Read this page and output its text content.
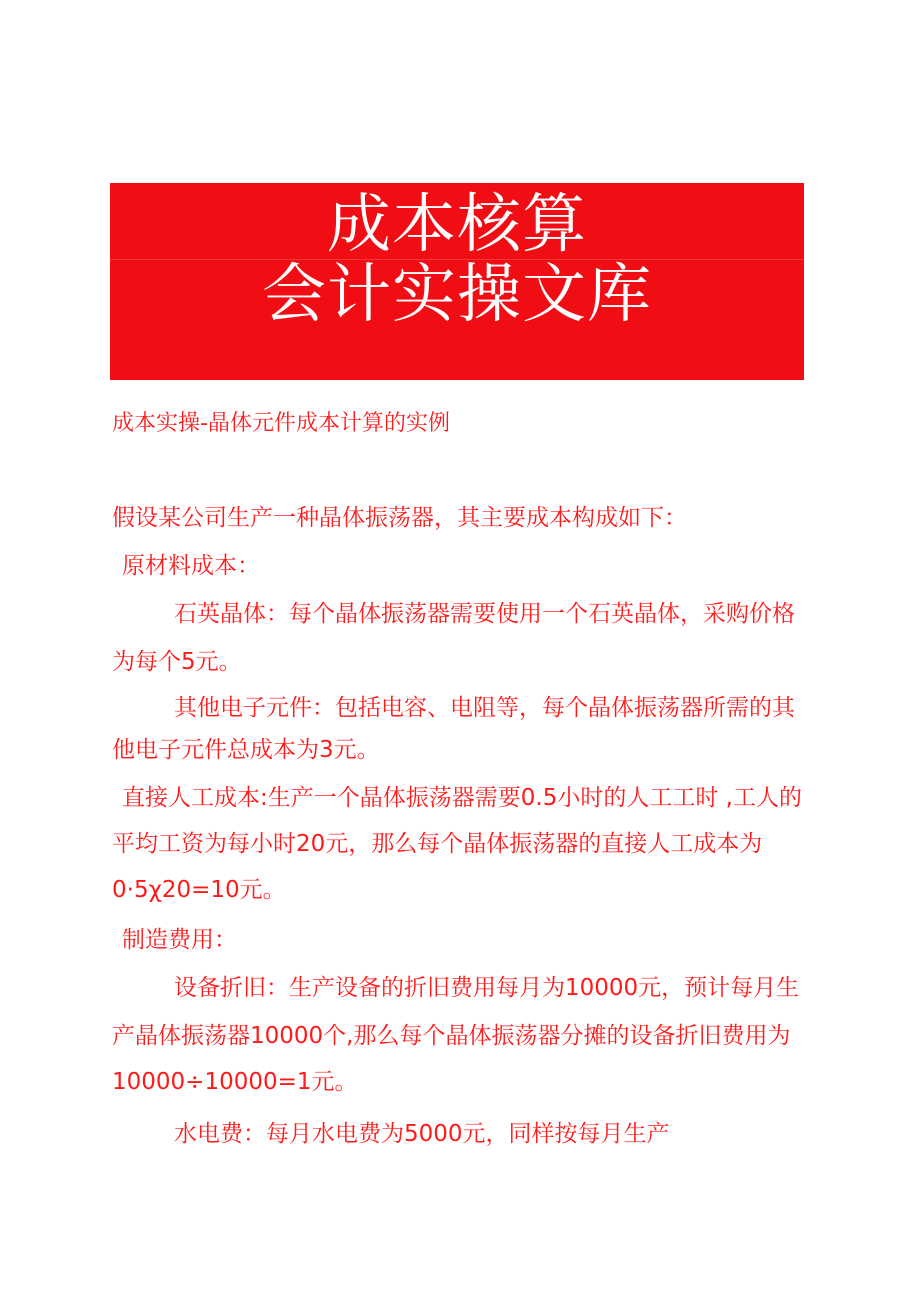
成本核算
会计实操文库

成本实操-晶体元件成本计算的实例

假设某公司生产一种晶体振荡器，其主要成本构成如下：

原材料成本：

石英晶体：每个晶体振荡器需要使用一个石英晶体，采购价格

为每个5元。

其他电子元件：包括电容、电阻等，每个晶体振荡器所需的其

他电子元件总成本为3元。

直接人工成本:生产一个晶体振荡器需要0.5小时的人工工时 ,工人的

平均工资为每小时20元，那么每个晶体振荡器的直接人工成本为

0·5χ20=10元。

制造费用：

设备折旧：生产设备的折旧费用每月为10000元，预计每月生

产晶体振荡器10000个,那么每个晶体振荡器分摊的设备折旧费用为

10000÷10000=1元。

水电费：每月水电费为5000元，同样按每月生产
